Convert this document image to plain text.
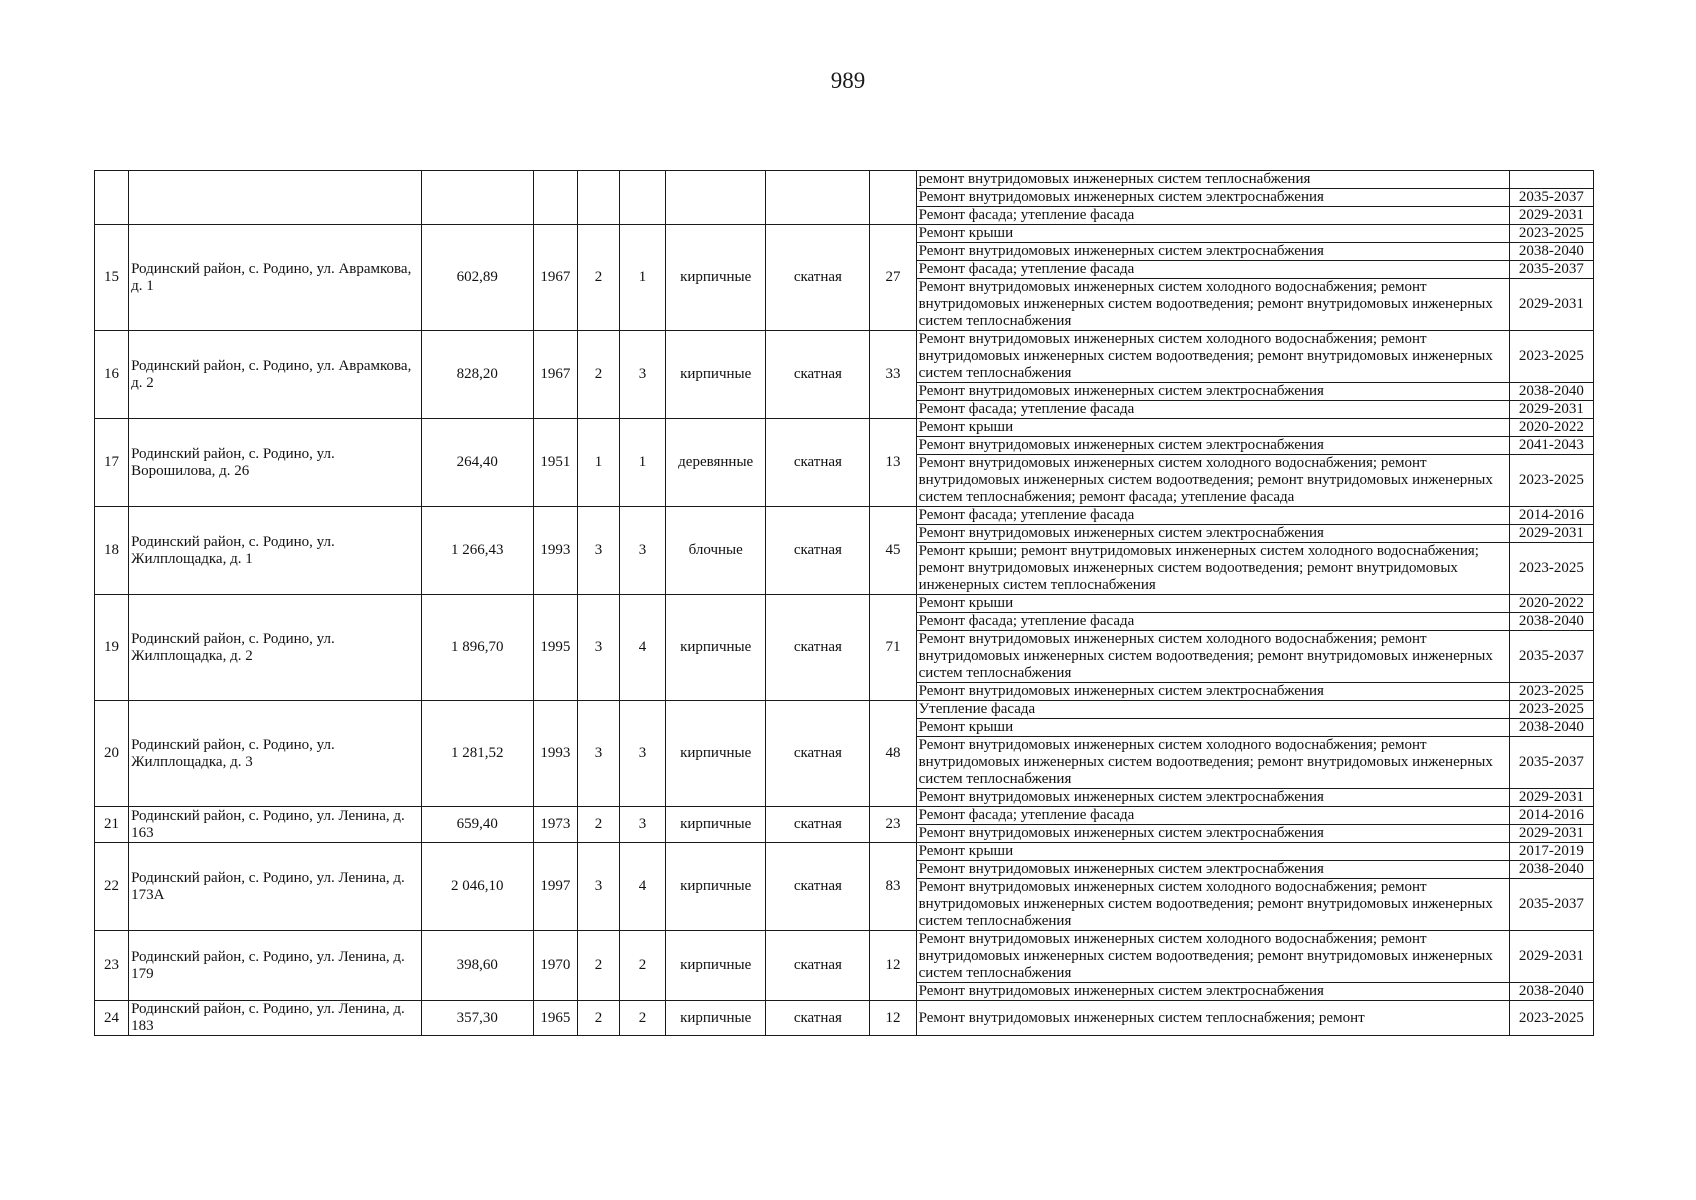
989
									ремонт внутридомовых инженерных систем теплоснабжения	
									Ремонт внутридомовых инженерных систем электроснабжения	2035-2037
									Ремонт фасада; утепление фасада	2029-2031
15	Родинский район, с. Родино, ул. Аврамкова, д. 1	602,89	1967	2	1	кирпичные	скатная	27	Ремонт крыши	2023-2025
									Ремонт внутридомовых инженерных систем электроснабжения	2038-2040
									Ремонт фасада; утепление фасада	2035-2037
									Ремонт внутридомовых инженерных систем холодного водоснабжения; ремонт внутридомовых инженерных систем водоотведения; ремонт внутридомовых инженерных систем теплоснабжения	2029-2031
16	Родинский район, с. Родино, ул. Аврамкова, д. 2	828,20	1967	2	3	кирпичные	скатная	33	Ремонт внутридомовых инженерных систем холодного водоснабжения; ремонт внутридомовых инженерных систем водоотведения; ремонт внутридомовых инженерных систем теплоснабжения	2023-2025
									Ремонт внутридомовых инженерных систем электроснабжения	2038-2040
									Ремонт фасада; утепление фасада	2029-2031
17	Родинский район, с. Родино, ул. Ворошилова, д. 26	264,40	1951	1	1	деревянные	скатная	13	Ремонт крыши	2020-2022
									Ремонт внутридомовых инженерных систем электроснабжения	2041-2043
									Ремонт внутридомовых инженерных систем холодного водоснабжения; ремонт внутридомовых инженерных систем водоотведения; ремонт внутридомовых инженерных систем теплоснабжения; ремонт фасада; утепление фасада	2023-2025
18	Родинский район, с. Родино, ул. Жилплощадка, д. 1	1 266,43	1993	3	3	блочные	скатная	45	Ремонт фасада; утепление фасада	2014-2016
									Ремонт внутридомовых инженерных систем электроснабжения	2029-2031
									Ремонт крыши; ремонт внутридомовых инженерных систем холодного водоснабжения; ремонт внутридомовых инженерных систем водоотведения; ремонт внутридомовых инженерных систем теплоснабжения	2023-2025
19	Родинский район, с. Родино, ул. Жилплощадка, д. 2	1 896,70	1995	3	4	кирпичные	скатная	71	Ремонт крыши	2020-2022
									Ремонт фасада; утепление фасада	2038-2040
									Ремонт внутридомовых инженерных систем холодного водоснабжения; ремонт внутридомовых инженерных систем водоотведения; ремонт внутридомовых инженерных систем теплоснабжения	2035-2037
									Ремонт внутридомовых инженерных систем электроснабжения	2023-2025
20	Родинский район, с. Родино, ул. Жилплощадка, д. 3	1 281,52	1993	3	3	кирпичные	скатная	48	Утепление фасада	2023-2025
									Ремонт крыши	2038-2040
									Ремонт внутридомовых инженерных систем холодного водоснабжения; ремонт внутридомовых инженерных систем водоотведения; ремонт внутридомовых инженерных систем теплоснабжения	2035-2037
									Ремонт внутридомовых инженерных систем электроснабжения	2029-2031
21	Родинский район, с. Родино, ул. Ленина, д. 163	659,40	1973	2	3	кирпичные	скатная	23	Ремонт фасада; утепление фасада	2014-2016
									Ремонт внутридомовых инженерных систем электроснабжения	2029-2031
22	Родинский район, с. Родино, ул. Ленина, д. 173А	2 046,10	1997	3	4	кирпичные	скатная	83	Ремонт крыши	2017-2019
									Ремонт внутридомовых инженерных систем электроснабжения	2038-2040
									Ремонт внутридомовых инженерных систем холодного водоснабжения; ремонт внутридомовых инженерных систем водоотведения; ремонт внутридомовых инженерных систем теплоснабжения	2035-2037
23	Родинский район, с. Родино, ул. Ленина, д. 179	398,60	1970	2	2	кирпичные	скатная	12	Ремонт внутридомовых инженерных систем холодного водоснабжения; ремонт внутридомовых инженерных систем водоотведения; ремонт внутридомовых инженерных систем теплоснабжения	2029-2031
									Ремонт внутридомовых инженерных систем электроснабжения	2038-2040
24	Родинский район, с. Родино, ул. Ленина, д. 183	357,30	1965	2	2	кирпичные	скатная	12	Ремонт внутридомовых инженерных систем теплоснабжения; ремонт	2023-2025
